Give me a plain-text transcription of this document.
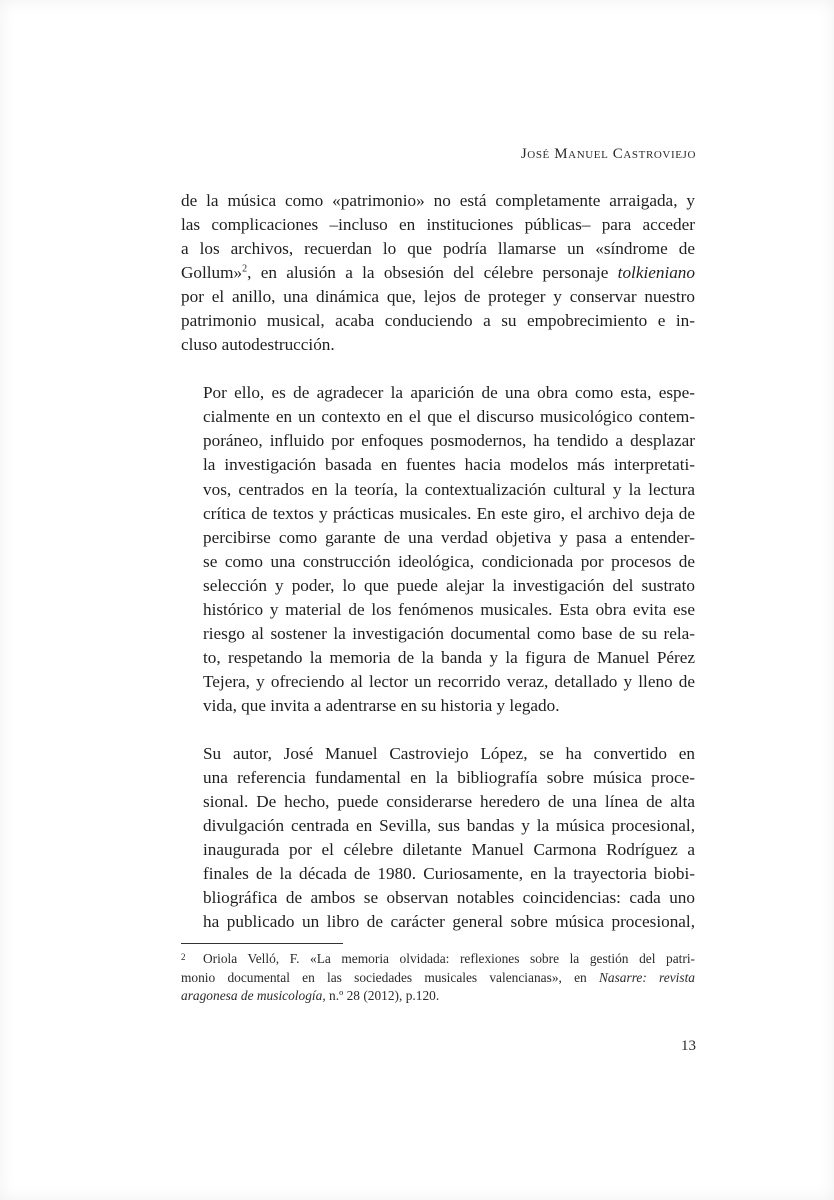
José Manuel Castroviejo

de la música como «patrimonio» no está completamente arraigada, y
las complicaciones –incluso en instituciones públicas– para acceder
a los archivos, recuerdan lo que podría llamarse un «síndrome de
Gollum»$^2$, en alusión a la obsesión del célebre personaje tolkieniano
por el anillo, una dinámica que, lejos de proteger y conservar nuestro
patrimonio musical, acaba conduciendo a su empobrecimiento e in-
cluso autodestrucción.

Por ello, es de agradecer la aparición de una obra como esta, espe-
cialmente en un contexto en el que el discurso musicológico contem-
poráneo, influido por enfoques posmodernos, ha tendido a desplazar
la investigación basada en fuentes hacia modelos más interpretati-
vos, centrados en la teoría, la contextualización cultural y la lectura
crítica de textos y prácticas musicales. En este giro, el archivo deja de
percibirse como garante de una verdad objetiva y pasa a entender-
se como una construcción ideológica, condicionada por procesos de
selección y poder, lo que puede alejar la investigación del sustrato
histórico y material de los fenómenos musicales. Esta obra evita ese
riesgo al sostener la investigación documental como base de su rela-
to, respetando la memoria de la banda y la figura de Manuel Pérez
Tejera, y ofreciendo al lector un recorrido veraz, detallado y lleno de
vida, que invita a adentrarse en su historia y legado.

Su autor, José Manuel Castroviejo López, se ha convertido en
una referencia fundamental en la bibliografía sobre música proce-
sional. De hecho, puede considerarse heredero de una línea de alta
divulgación centrada en Sevilla, sus bandas y la música procesional,
inaugurada por el célebre diletante Manuel Carmona Rodríguez a
finales de la década de 1980. Curiosamente, en la trayectoria biobi-
bliográfica de ambos se observan notables coincidencias: cada uno
ha publicado un libro de carácter general sobre música procesional,

2 Oriola Velló, F. «La memoria olvidada: reflexiones sobre la gestión del patri-
monio documental en las sociedades musicales valencianas», en Nasarre: revista
aragonesa de musicología, n.º 28 (2012), p.120.
13
